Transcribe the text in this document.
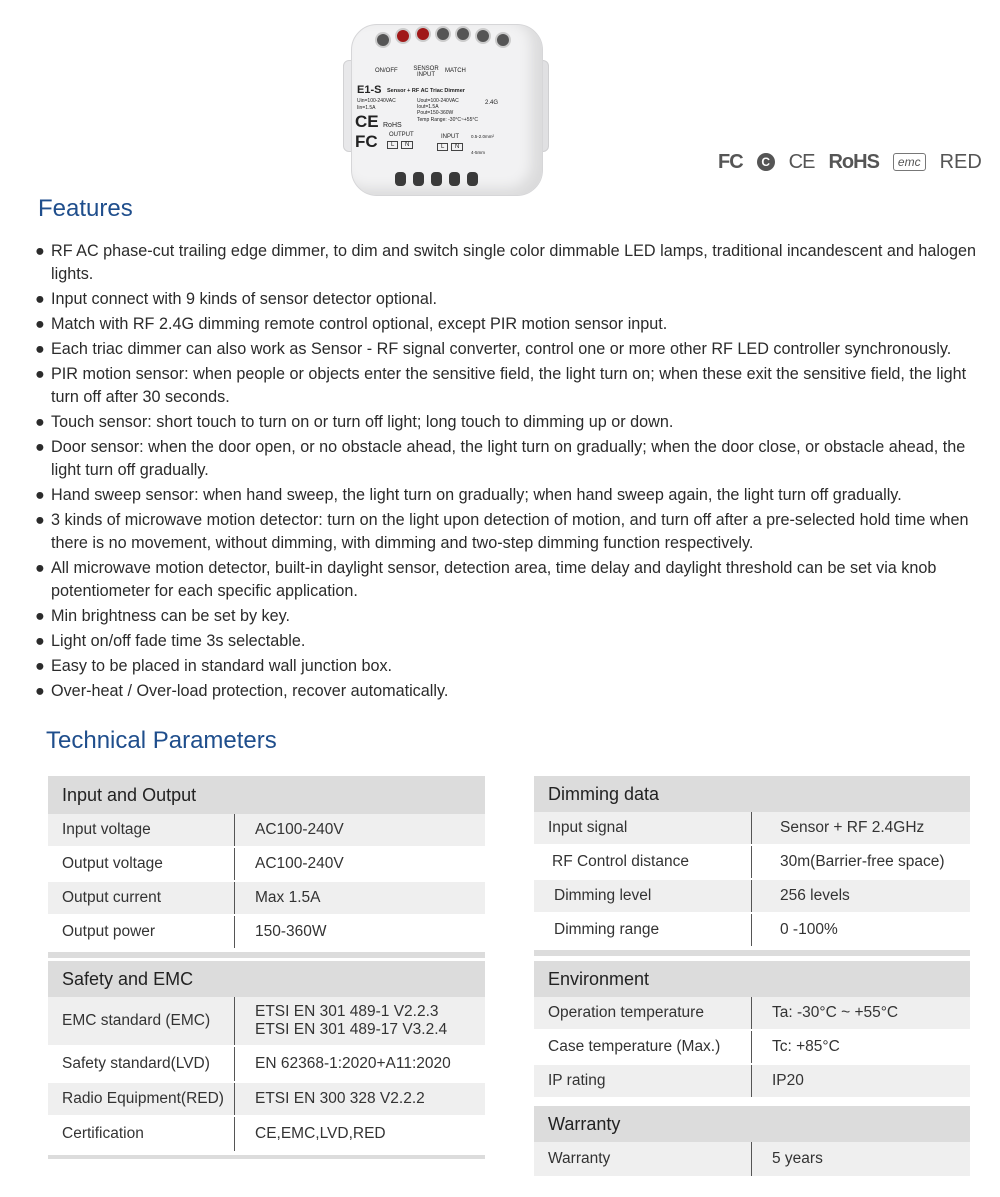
ON/OFF	SENSOR INPUT
MATCH
E1-S Sensor + RF AC Triac Dimmer
2.4G
Uin=100-240VAC
Iin=1.5A
Uout=100-240VAC
Iout=1.5A
Pout=150-360W
Temp Range: -30°C~+55°C
CE RoHS
FC OUTPUT	INPUT
L	N	L	N
0.5-2.0mm²
4-5mm	FC	C CE RoHS	emc RED
Features
● RF AC phase-cut trailing edge dimmer, to dim and switch single color dimmable LED lamps, traditional incandescent and halogen lights.
● Input connect with 9 kinds of sensor detector optional.
● Match with RF 2.4G dimming remote control optional, except PIR motion sensor input.
● Each triac dimmer can also work as Sensor - RF signal converter, control one or more other RF LED controller synchronously.
● PIR motion sensor: when people or objects enter the sensitive field, the light turn on; when these exit the sensitive field, the light turn off after 30 seconds.
● Touch sensor: short touch to turn on or turn off light; long touch to dimming up or down.
● Door sensor: when the door open, or no obstacle ahead, the light turn on gradually; when the door close, or obstacle ahead, the light turn off gradually.
● Hand sweep sensor: when hand sweep, the light turn on gradually; when hand sweep again, the light turn off gradually.
● 3 kinds of microwave motion detector: turn on the light upon detection of motion, and turn off after a pre-selected hold time when there is no movement, without dimming, with dimming and two-step dimming function respectively.
● All microwave motion detector, built-in daylight sensor, detection area, time delay and daylight threshold can be set via knob potentiometer for each specific application.
● Min brightness can be set by key.
● Light on/off fade time 3s selectable.
● Easy to be placed in standard wall junction box.
● Over-heat / Over-load protection, recover automatically.
Technical Parameters
Input and Output
Input voltage	AC100-240V
Output voltage	AC100-240V
Output current	Max 1.5A
Output power	150-360W
Safety and EMC
EMC standard (EMC)
ETSI EN 301 489-1 V2.2.3
ETSI EN 301 489-17 V3.2.4
Safety standard(LVD)	EN 62368-1:2020+A11:2020
Radio Equipment(RED)	ETSI EN 300 328 V2.2.2
Certification	CE,EMC,LVD,RED
Dimming data
Input signal	Sensor + RF 2.4GHz
RF Control distance	30m(Barrier-free space)
Dimming level	256 levels
Dimming range	0 -100%
Environment
Operation temperature	Ta: -30°C ~ +55°C
Case temperature (Max.)	Tc: +85°C
IP rating	IP20
Warranty
Warranty	5 years
